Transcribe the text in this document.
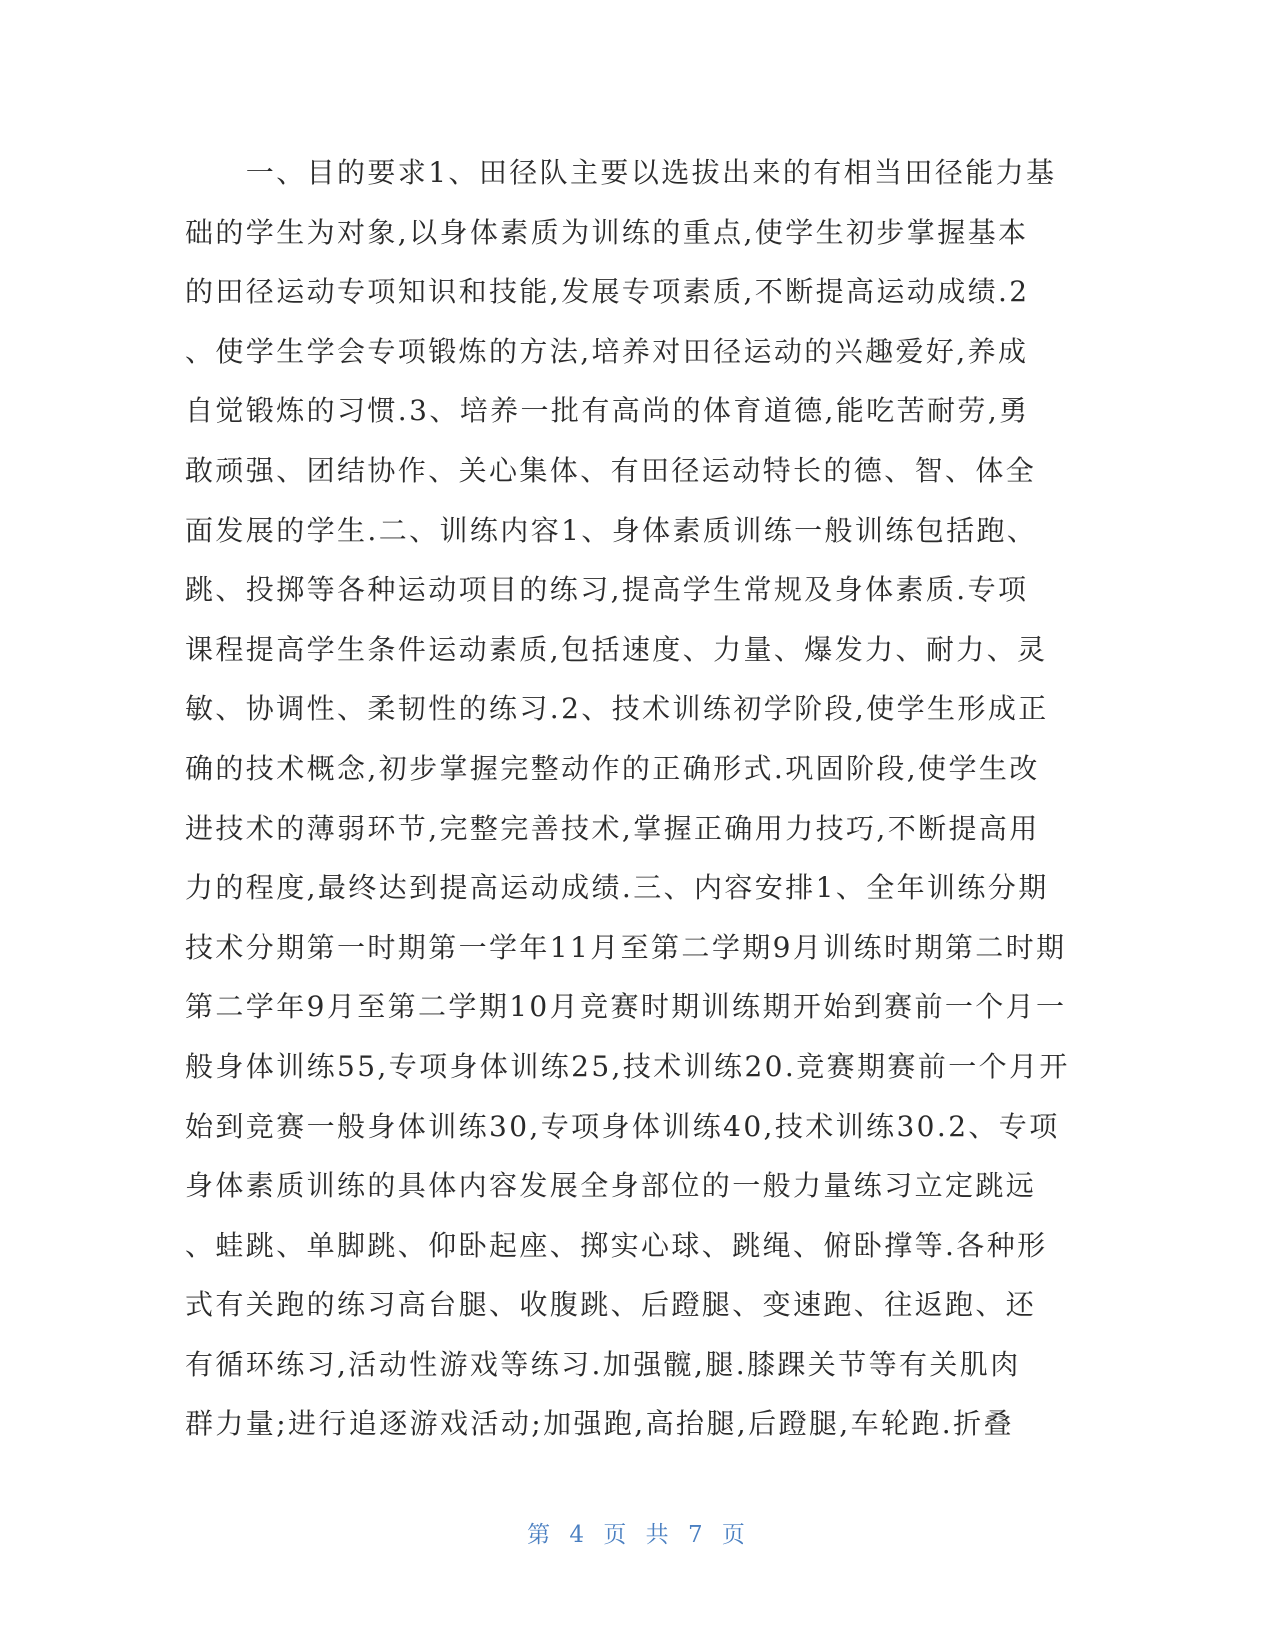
　　一、目的要求1、田径队主要以选拔出来的有相当田径能力基
础的学生为对象,以身体素质为训练的重点,使学生初步掌握基本
的田径运动专项知识和技能,发展专项素质,不断提高运动成绩.2
、使学生学会专项锻炼的方法,培养对田径运动的兴趣爱好,养成
自觉锻炼的习惯.3、培养一批有高尚的体育道德,能吃苦耐劳,勇
敢顽强、团结协作、关心集体、有田径运动特长的德、智、体全
面发展的学生.二、训练内容1、身体素质训练一般训练包括跑、
跳、投掷等各种运动项目的练习,提高学生常规及身体素质.专项
课程提高学生条件运动素质,包括速度、力量、爆发力、耐力、灵
敏、协调性、柔韧性的练习.2、技术训练初学阶段,使学生形成正
确的技术概念,初步掌握完整动作的正确形式.巩固阶段,使学生改
进技术的薄弱环节,完整完善技术,掌握正确用力技巧,不断提高用
力的程度,最终达到提高运动成绩.三、内容安排1、全年训练分期
技术分期第一时期第一学年11月至第二学期9月训练时期第二时期
第二学年9月至第二学期10月竞赛时期训练期开始到赛前一个月一
般身体训练55,专项身体训练25,技术训练20.竞赛期赛前一个月开
始到竞赛一般身体训练30,专项身体训练40,技术训练30.2、专项
身体素质训练的具体内容发展全身部位的一般力量练习立定跳远
、蛙跳、单脚跳、仰卧起座、掷实心球、跳绳、俯卧撑等.各种形
式有关跑的练习高台腿、收腹跳、后蹬腿、变速跑、往返跑、还
有循环练习,活动性游戏等练习.加强髋,腿.膝踝关节等有关肌肉
群力量;进行追逐游戏活动;加强跑,高抬腿,后蹬腿,车轮跑.折叠
第 4 页 共 7 页
